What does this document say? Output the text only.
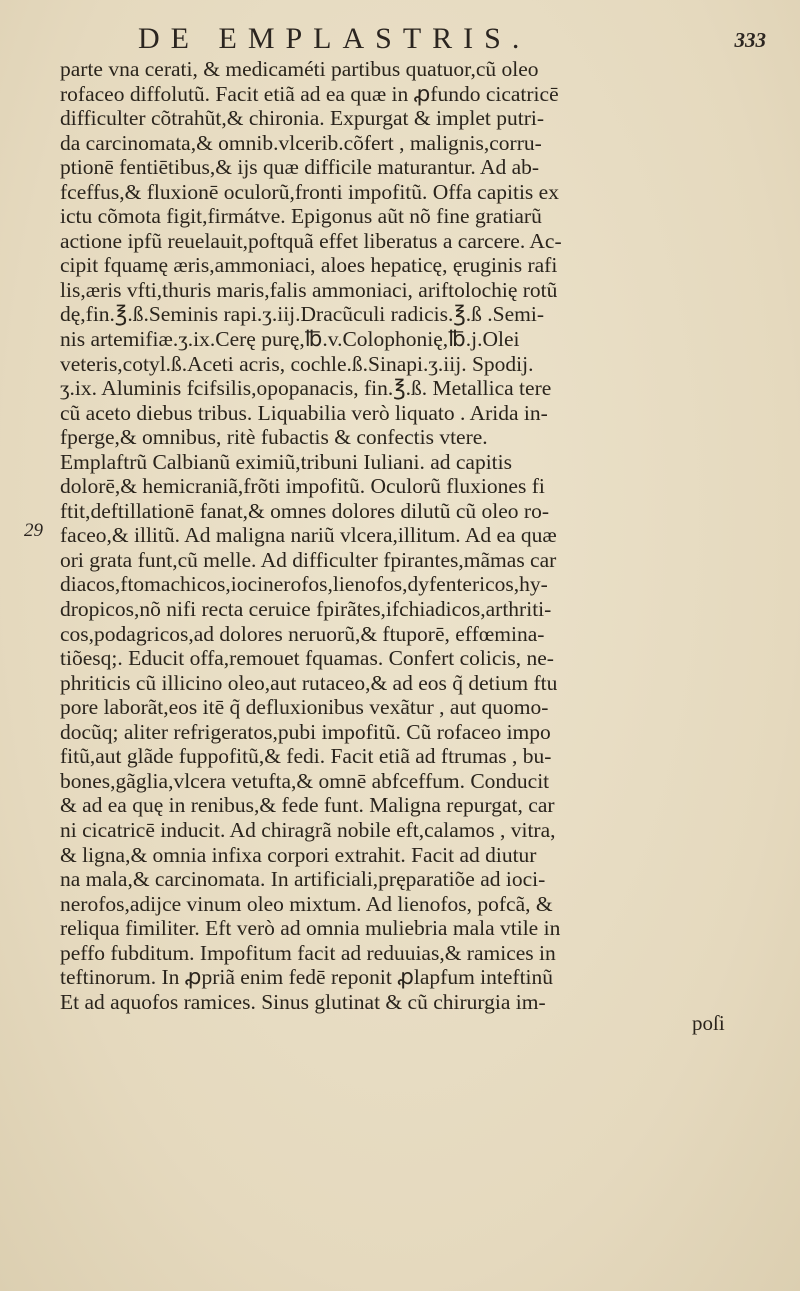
DE EMPLASTRIS.	333
29
parte vna cerati, & medicaméti partibus quatuor,cũ oleo
rofaceo diffolutũ. Facit etiã ad ea quæ in ꝓfundo cicatricē
difficulter cõtrahũt,& chironia. Expurgat & implet putri-
da carcinomata,& omnib.vlcerib.cõfert , malignis,corru-
ptionē fentiētibus,& ijs quæ difficile maturantur. Ad ab-
fceffus,& fluxionē oculorũ,fronti impofitũ. Offa capitis ex
ictu cõmota figit,firmátve. Epigonus aũt nõ fine gratiarũ
actione ipfũ reuelauit,poftquã effet liberatus a carcere. Ac-
cipit fquamę æris,ammoniaci, aloes hepaticę, ęruginis rafi
lis,æris vfti,thuris maris,falis ammoniaci, ariftolochię rotũ
dę,fin.℥.ß.Seminis rapi.ʒ.iij.Dracũculi radicis.℥.ß .Semi-
nis artemifiæ.ʒ.ix.Cerę purę,℔.v.Colophonię,℔.j.Olei
veteris,cotyl.ß.Aceti acris, cochle.ß.Sinapi.ʒ.iij. Spodij.
ʒ.ix. Aluminis fcifsilis,opopanacis, fin.℥.ß. Metallica tere
cũ aceto diebus tribus. Liquabilia verò liquato . Arida in-
fperge,& omnibus, ritè fubactis & confectis vtere.
Emplaftrũ Calbianũ eximiũ,tribuni Iuliani. ad capitis
dolorē,& hemicraniã,frõti impofitũ. Oculorũ fluxiones fi
ftit,deftillationē fanat,& omnes dolores dilutũ cũ oleo ro-
faceo,& illitũ. Ad maligna nariũ vlcera,illitum. Ad ea quæ
ori grata funt,cũ melle. Ad difficulter fpirantes,mãmas car
diacos,ftomachicos,iocinerofos,lienofos,dyfentericos,hy-
dropicos,nõ nifi recta ceruice fpirãtes,ifchiadicos,arthriti-
cos,podagricos,ad dolores neruorũ,& ftuporē, effœmina-
tiõesq;. Educit offa,remouet fquamas. Confert colicis, ne-
phriticis cũ illicino oleo,aut rutaceo,& ad eos q̃ detium ftu
pore laborãt,eos itē q̃ defluxionibus vexãtur , aut quomo-
docũq; aliter refrigeratos,pubi impofitũ. Cũ rofaceo impo
fitũ,aut glãde fuppofitũ,& fedi. Facit etiã ad ftrumas , bu-
bones,gãglia,vlcera vetufta,& omnē abfceffum. Conducit
& ad ea quę in renibus,& fede funt. Maligna repurgat, car
ni cicatricē inducit. Ad chiragrã nobile eft,calamos , vitra,
& ligna,& omnia infixa corpori extrahit. Facit ad diutur
na mala,& carcinomata. In artificiali,pręparatiõe ad ioci-
nerofos,adijce vinum oleo mixtum. Ad lienofos, pofcã, &
reliqua fimiliter. Eft verò ad omnia muliebria mala vtile in
peffo fubditum. Impofitum facit ad reduuias,& ramices in
teftinorum. In ꝓpriã enim fedē reponit ꝓlapfum inteftinũ
Et ad aquofos ramices. Sinus glutinat & cũ chirurgia im-
poſi
